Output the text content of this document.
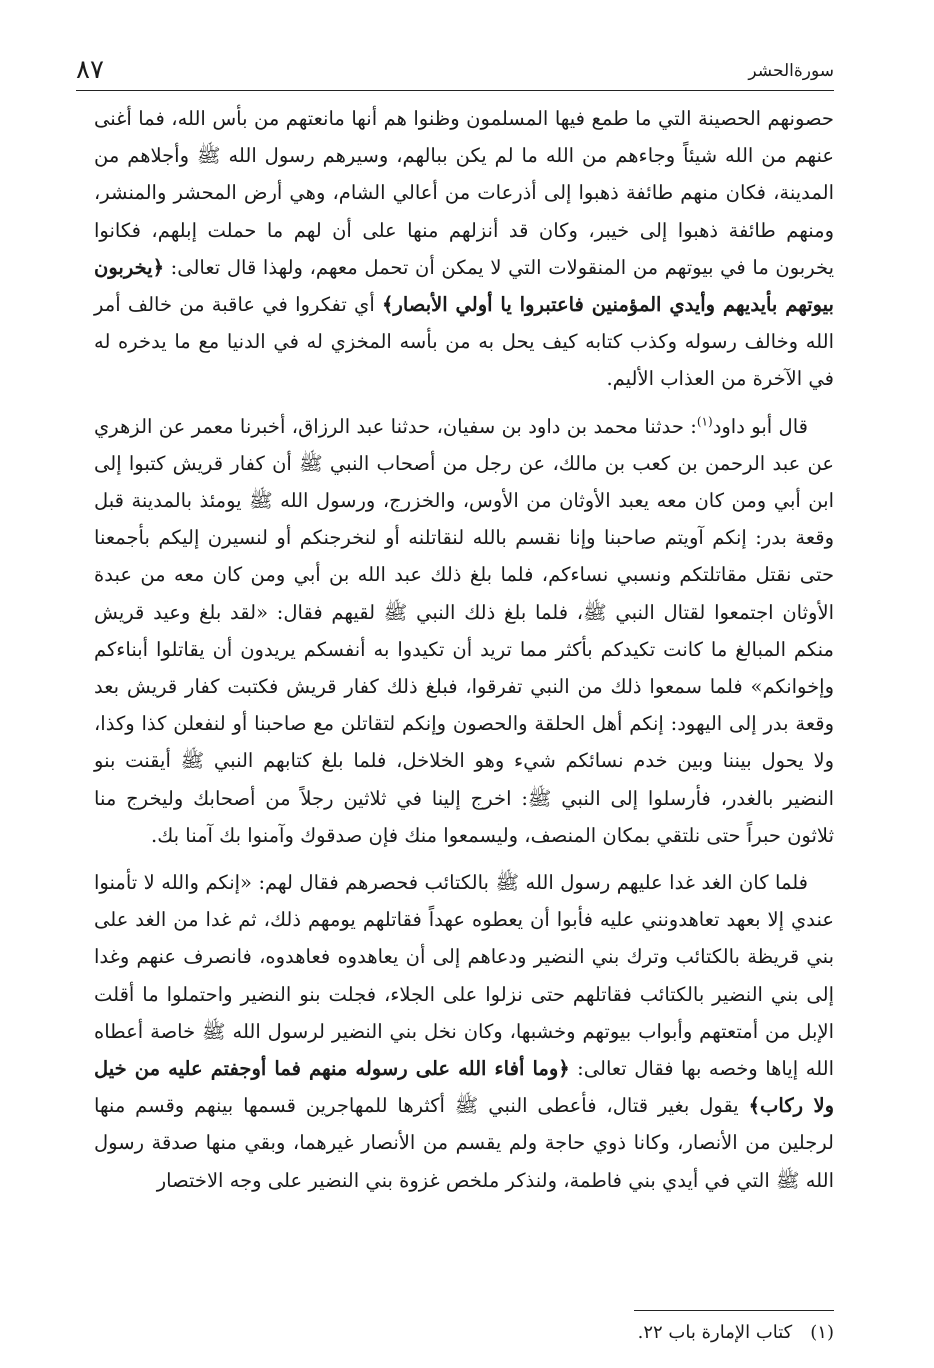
٨٧	سورةالحشر

حصونهم الحصينة التي ما طمع فيها المسلمون وظنوا هم أنها مانعتهم من بأس الله، فما أغنى عنهم من الله شيئاً وجاءهم من الله ما لم يكن ببالهم، وسيرهم رسول الله ﷺ وأجلاهم من المدينة، فكان منهم طائفة ذهبوا إلى أذرعات من أعالي الشام، وهي أرض المحشر والمنشر، ومنهم طائفة ذهبوا إلى خيبر، وكان قد أنزلهم منها على أن لهم ما حملت إبلهم، فكانوا يخربون ما في بيوتهم من المنقولات التي لا يمكن أن تحمل معهم، ولهذا قال تعالى: ﴿يخربون بيوتهم بأيديهم وأيدي المؤمنين فاعتبروا يا أولي الأبصار﴾ أي تفكروا في عاقبة من خالف أمر الله وخالف رسوله وكذب كتابه كيف يحل به من بأسه المخزي له في الدنيا مع ما يدخره له في الآخرة من العذاب الأليم.

قال أبو داود$^{(١)}$: حدثنا محمد بن داود بن سفيان، حدثنا عبد الرزاق، أخبرنا معمر عن الزهري عن عبد الرحمن بن كعب بن مالك، عن رجل من أصحاب النبي ﷺ أن كفار قريش كتبوا إلى ابن أبي ومن كان معه يعبد الأوثان من الأوس، والخزرج، ورسول الله ﷺ يومئذ بالمدينة قبل وقعة بدر: إنكم آويتم صاحبنا وإنا نقسم بالله لنقاتلنه أو لنخرجنكم أو لنسيرن إليكم بأجمعنا حتى نقتل مقاتلتكم ونسبي نساءكم، فلما بلغ ذلك عبد الله بن أبي ومن كان معه من عبدة الأوثان اجتمعوا لقتال النبي ﷺ، فلما بلغ ذلك النبي ﷺ لقيهم فقال: «لقد بلغ وعيد قريش منكم المبالغ ما كانت تكيدكم بأكثر مما تريد أن تكيدوا به أنفسكم يريدون أن يقاتلوا أبناءكم وإخوانكم» فلما سمعوا ذلك من النبي تفرقوا، فبلغ ذلك كفار قريش فكتبت كفار قريش بعد وقعة بدر إلى اليهود: إنكم أهل الحلقة والحصون وإنكم لتقاتلن مع صاحبنا أو لنفعلن كذا وكذا، ولا يحول بيننا وبين خدم نسائكم شيء وهو الخلاخل، فلما بلغ كتابهم النبي ﷺ أيقنت بنو النضير بالغدر، فأرسلوا إلى النبي ﷺ: اخرج إلينا في ثلاثين رجلاً من أصحابك وليخرج منا ثلاثون حبراً حتى نلتقي بمكان المنصف، وليسمعوا منك فإن صدقوك وآمنوا بك آمنا بك.

فلما كان الغد غدا عليهم رسول الله ﷺ بالكتائب فحصرهم فقال لهم: «إنكم والله لا تأمنوا عندي إلا بعهد تعاهدونني عليه فأبوا أن يعطوه عهداً فقاتلهم يومهم ذلك، ثم غدا من الغد على بني قريظة بالكتائب وترك بني النضير ودعاهم إلى أن يعاهدوه فعاهدوه، فانصرف عنهم وغدا إلى بني النضير بالكتائب فقاتلهم حتى نزلوا على الجلاء، فجلت بنو النضير واحتملوا ما أقلت الإبل من أمتعتهم وأبواب بيوتهم وخشبها، وكان نخل بني النضير لرسول الله ﷺ خاصة أعطاه الله إياها وخصه بها فقال تعالى: ﴿وما أفاء الله على رسوله منهم فما أوجفتم عليه من خيل ولا ركاب﴾ يقول بغير قتال، فأعطى النبي ﷺ أكثرها للمهاجرين قسمها بينهم وقسم منها لرجلين من الأنصار، وكانا ذوي حاجة ولم يقسم من الأنصار غيرهما، وبقي منها صدقة رسول الله ﷺ التي في أيدي بني فاطمة، ولنذكر ملخص غزوة بني النضير على وجه الاختصار

(١)كتاب الإمارة باب ٢٢.
